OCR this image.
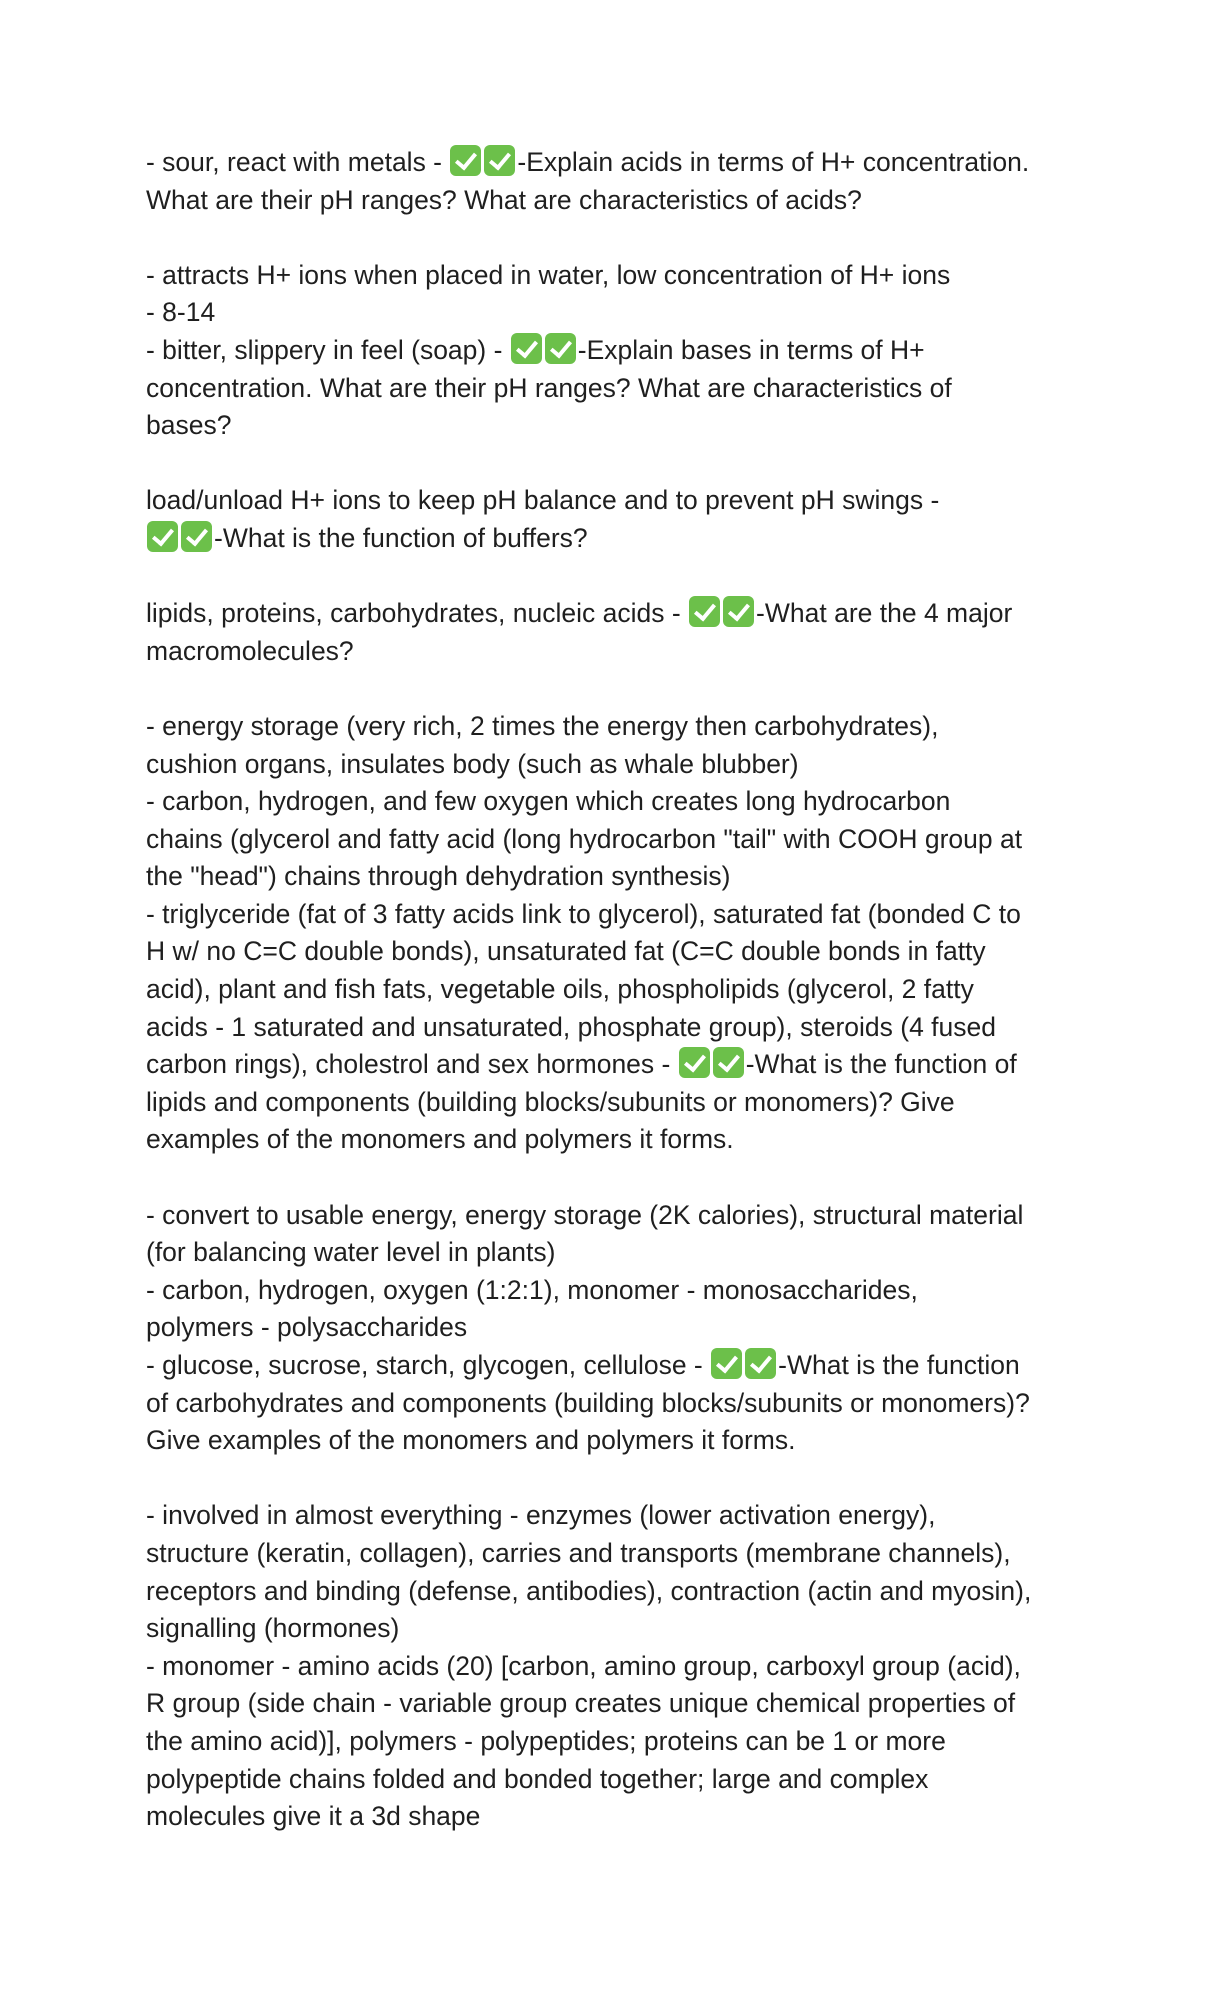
- sour, react with metals -	-Explain acids in terms of H+ concentration.
What are their pH ranges? What are characteristics of acids?
- attracts H+ ions when placed in water, low concentration of H+ ions
- 8-14
- bitter, slippery in feel (soap) -	-Explain bases in terms of H+
concentration. What are their pH ranges? What are characteristics of
bases?
load/unload H+ ions to keep pH balance and to prevent pH swings -
-What is the function of buffers?
lipids, proteins, carbohydrates, nucleic acids -	-What are the 4 major
macromolecules?
- energy storage (very rich, 2 times the energy then carbohydrates),
cushion organs, insulates body (such as whale blubber)
- carbon, hydrogen, and few oxygen which creates long hydrocarbon
chains (glycerol and fatty acid (long hydrocarbon "tail" with COOH group at
the "head") chains through dehydration synthesis)
- triglyceride (fat of 3 fatty acids link to glycerol), saturated fat (bonded C to
H w/ no C=C double bonds), unsaturated fat (C=C double bonds in fatty
acid), plant and fish fats, vegetable oils, phospholipids (glycerol, 2 fatty
acids - 1 saturated and unsaturated, phosphate group), steroids (4 fused
carbon rings), cholestrol and sex hormones -	-What is the function of
lipids and components (building blocks/subunits or monomers)? Give
examples of the monomers and polymers it forms.
- convert to usable energy, energy storage (2K calories), structural material
(for balancing water level in plants)
- carbon, hydrogen, oxygen (1:2:1), monomer - monosaccharides,
polymers - polysaccharides
- glucose, sucrose, starch, glycogen, cellulose -	-What is the function
of carbohydrates and components (building blocks/subunits or monomers)?
Give examples of the monomers and polymers it forms.
- involved in almost everything - enzymes (lower activation energy),
structure (keratin, collagen), carries and transports (membrane channels),
receptors and binding (defense, antibodies), contraction (actin and myosin),
signalling (hormones)
- monomer - amino acids (20) [carbon, amino group, carboxyl group (acid),
R group (side chain - variable group creates unique chemical properties of
the amino acid)], polymers - polypeptides; proteins can be 1 or more
polypeptide chains folded and bonded together; large and complex
molecules give it a 3d shape
